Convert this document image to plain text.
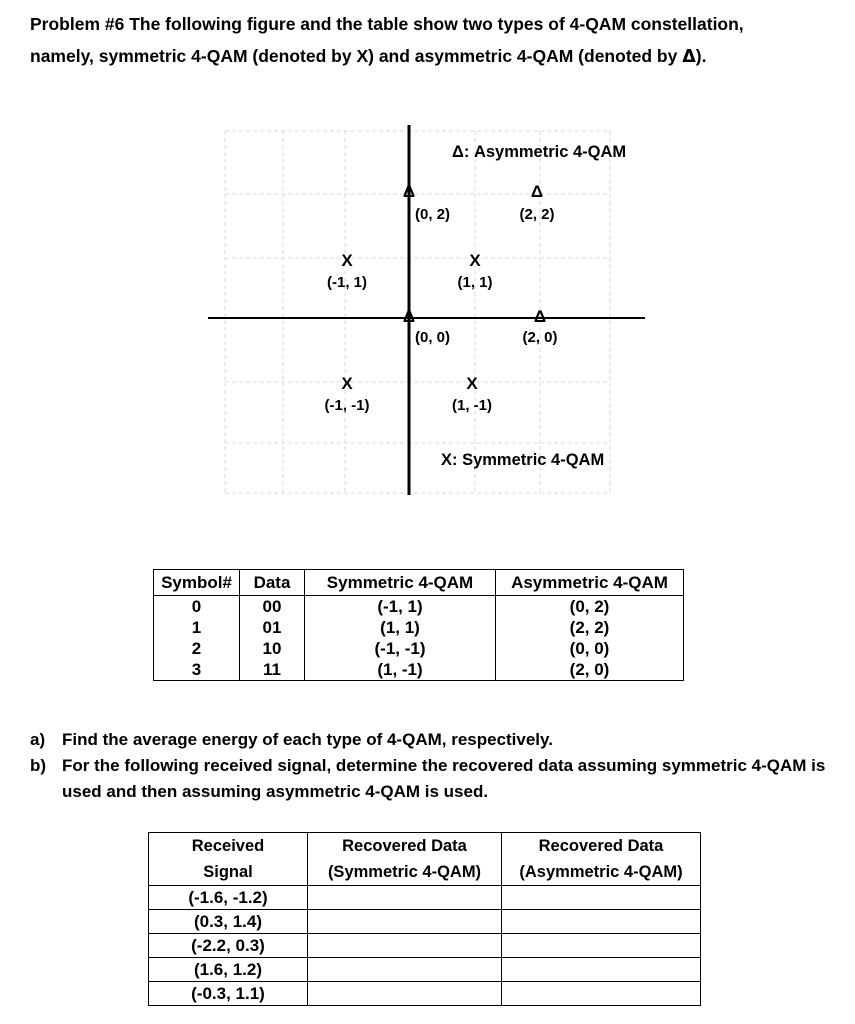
Problem #6 The following figure and the table show two types of 4-QAM constellation,
namely, symmetric 4-QAM (denoted by X) and asymmetric 4-QAM (denoted by Δ).
Δ: Asymmetric 4-QAM
X: Symmetric 4-QAM
Δ
(0, 2)
Δ
(2, 2)
Δ
(0, 0)
Δ
(2, 0)
X
(-1, 1)
X
(1, 1)
X
(-1, -1)
X
(1, -1)
Symbol#	Data	Symmetric 4-QAM	Asymmetric 4-QAM
0	00	(-1, 1)	(0, 2)
1	01	(1, 1)	(2, 2)
2	10	(-1, -1)	(0, 0)
3	11	(1, -1)	(2, 0)
a) Find the average energy of each type of 4-QAM, respectively.
b) For the following received signal, determine the recovered data assuming symmetric 4-QAM is used and then assuming asymmetric 4-QAM is used.
Received	Recovered Data	Recovered Data
Signal	(Symmetric 4-QAM)	(Asymmetric 4-QAM)
(-1.6, -1.2)		
(0.3, 1.4)		
(-2.2, 0.3)		
(1.6, 1.2)		
(-0.3, 1.1)		
